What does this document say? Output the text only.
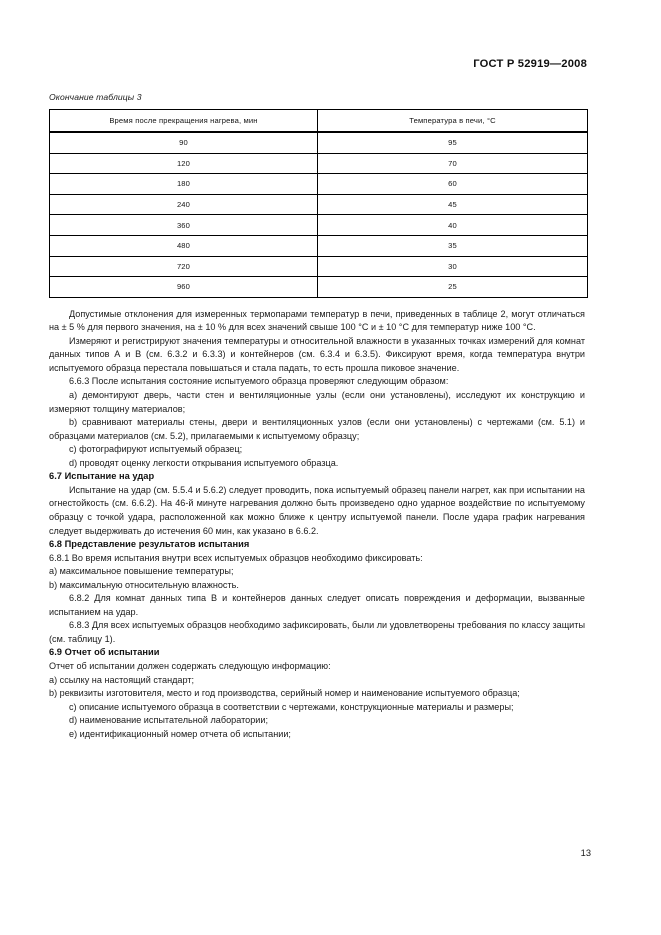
ГОСТ Р 52919—2008
Окончание таблицы 3
Время после прекращения нагрева, мин	Температура в печи, °С
90	95
120	70
180	60
240	45
360	40
480	35
720	30
960	25

Допустимые отклонения для измеренных термопарами температур в печи, приведенных в таблице 2, могут отличаться на ± 5 % для первого значения, на ± 10 % для всех значений свыше 100 °С и ± 10 °С для температур ниже 100 °С.

Измеряют и регистрируют значения температуры и относительной влажности в указанных точках измерений для комнат данных типов А и В (см. 6.3.2 и 6.3.3) и контейнеров (см. 6.3.4 и 6.3.5). Фиксируют время, когда температура внутри испытуемого образца перестала повышаться и стала падать, то есть прошла пиковое значение.

6.6.3 После испытания состояние испытуемого образца проверяют следующим образом:

a) демонтируют дверь, части стен и вентиляционные узлы (если они установлены), исследуют их конструкцию и измеряют толщину материалов;

b) сравнивают материалы стены, двери и вентиляционных узлов (если они установлены) с чертежами (см. 5.1) и образцами материалов (см. 5.2), прилагаемыми к испытуемому образцу;

c) фотографируют испытуемый образец;

d) проводят оценку легкости открывания испытуемого образца.

6.7 Испытание на удар

Испытание на удар (см. 5.5.4 и 5.6.2) следует проводить, пока испытуемый образец панели нагрет, как при испытании на огнестойкость (см. 6.6.2). На 46-й минуте нагревания должно быть произведено одно ударное воздействие по испытуемому образцу с точкой удара, расположенной как можно ближе к центру испытуемой панели. После удара график нагревания следует выдерживать до истечения 60 мин, как указано в 6.6.2.

6.8 Представление результатов испытания

6.8.1 Во время испытания внутри всех испытуемых образцов необходимо фиксировать:

a) максимальное повышение температуры;

b) максимальную относительную влажность.

6.8.2 Для комнат данных типа В и контейнеров данных следует описать повреждения и деформации, вызванные испытанием на удар.

6.8.3 Для всех испытуемых образцов необходимо зафиксировать, были ли удовлетворены требования по классу защиты (см. таблицу 1).

6.9 Отчет об испытании

Отчет об испытании должен содержать следующую информацию:

a) ссылку на настоящий стандарт;

b) реквизиты изготовителя, место и год производства, серийный номер и наименование испытуемого образца;

c) описание испытуемого образца в соответствии с чертежами, конструкционные материалы и размеры;

d) наименование испытательной лаборатории;

e) идентификационный номер отчета об испытании;

13
